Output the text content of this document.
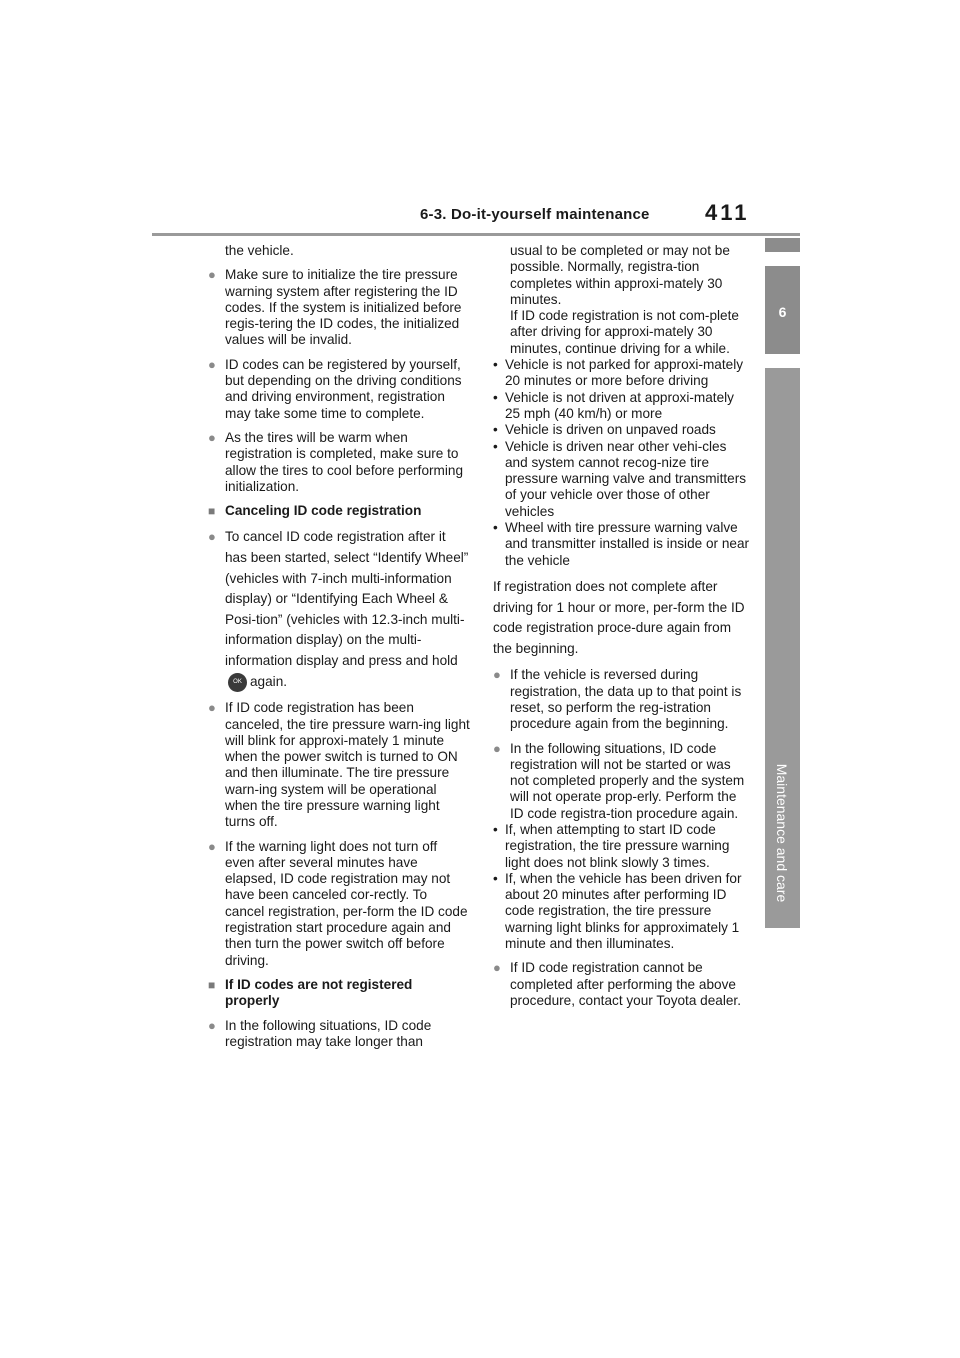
6-3. Do-it-yourself maintenance	411
6
Maintenance and care

the vehicle.

● Make sure to initialize the tire pressure warning system after registering the ID codes. If the system is initialized before regis-tering the ID codes, the initialized values will be invalid.

● ID codes can be registered by yourself, but depending on the driving conditions and driving environment, registration may take some time to complete.

● As the tires will be warm when registration is completed, make sure to allow the tires to cool before performing initialization.

■ Canceling ID code registration

● To cancel ID code registration after it has been started, select “Identify Wheel” (vehicles with 7-inch multi-information display) or “Identifying Each Wheel & Posi-tion” (vehicles with 12.3-inch multi-information display) on the multi-information display and press and holdOK again.

● If ID code registration has been canceled, the tire pressure warn-ing light will blink for approxi-mately 1 minute when the power switch is turned to ON and then illuminate. The tire pressure warn-ing system will be operational when the tire pressure warning light turns off.

● If the warning light does not turn off even after several minutes have elapsed, ID code registration may not have been canceled cor-rectly. To cancel registration, per-form the ID code registration start procedure again and then turn the power switch off before driving.

■ If ID codes are not registered properly

● In the following situations, ID code registration may take longer than

usual to be completed or may not be possible. Normally, registra-tion completes within approxi-mately 30 minutes.

If ID code registration is not com-plete after driving for approxi-mately 30 minutes, continue driving for a while.

• Vehicle is not parked for approxi-mately 20 minutes or more before driving

• Vehicle is not driven at approxi-mately 25 mph (40 km/h) or more

• Vehicle is driven on unpaved roads

• Vehicle is driven near other vehi-cles and system cannot recog-nize tire pressure warning valve and transmitters of your vehicle over those of other vehicles

• Wheel with tire pressure warning valve and transmitter installed is inside or near the vehicle

If registration does not complete after driving for 1 hour or more, per-form the ID code registration proce-dure again from the beginning.

● If the vehicle is reversed during registration, the data up to that point is reset, so perform the reg-istration procedure again from the beginning.

● In the following situations, ID code registration will not be started or was not completed properly and the system will not operate prop-erly. Perform the ID code registra-tion procedure again.

• If, when attempting to start ID code registration, the tire pressure warning light does not blink slowly 3 times.

• If, when the vehicle has been driven for about 20 minutes after performing ID code registration, the tire pressure warning light blinks for approximately 1 minute and then illuminates.

● If ID code registration cannot be completed after performing the above procedure, contact your Toyota dealer.
